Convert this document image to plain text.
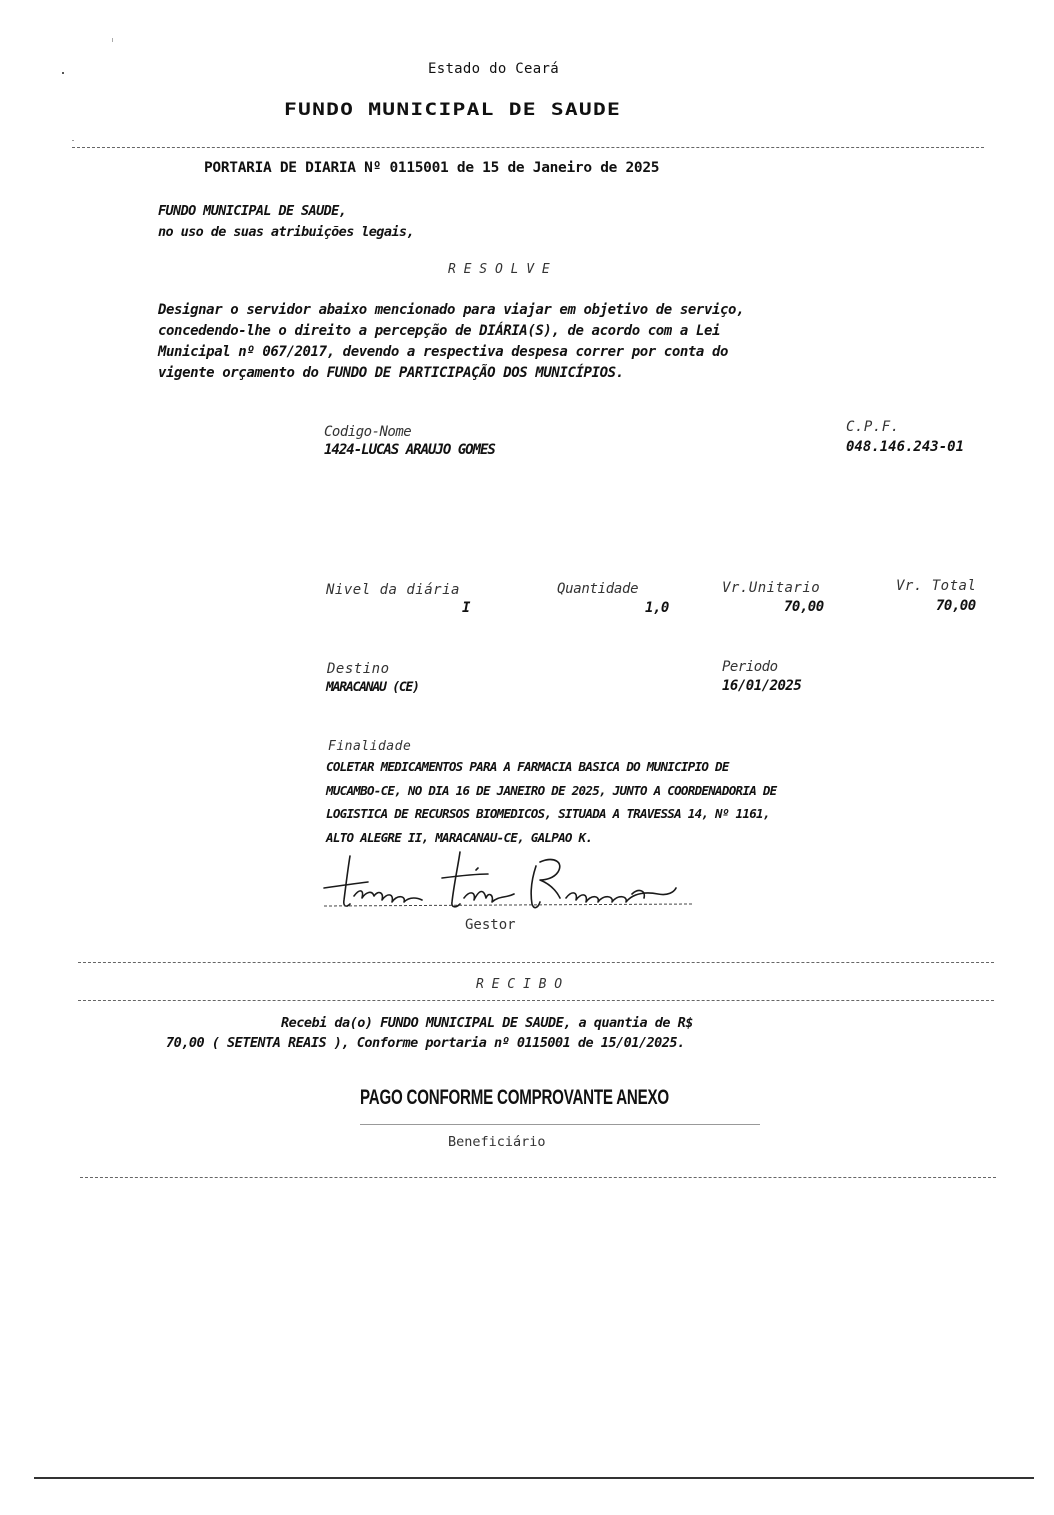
Estado do Ceará
FUNDO MUNICIPAL DE SAUDE
PORTARIA DE DIARIA Nº 0115001 de 15 de Janeiro de 2025
FUNDO MUNICIPAL DE SAUDE,
no uso de suas atribuições legais,
R E S O L V E
Designar o servidor abaixo mencionado para viajar em objetivo de serviço,
concedendo-lhe o direito a percepção de DIÁRIA(S), de acordo com a Lei
Municipal nº 067/2017, devendo a respectiva despesa correr por conta do
vigente orçamento do FUNDO DE PARTICIPAÇÃO DOS MUNICÍPIOS.
Codigo-Nome
1424-LUCAS ARAUJO GOMES
C.P.F.
048.146.243-01
Nivel da diária
I
Quantidade
1,0
Vr.Unitario
70,00
Vr. Total
70,00
Destino
MARACANAU (CE)
Periodo
16/01/2025
Finalidade
COLETAR MEDICAMENTOS PARA A FARMACIA BASICA DO MUNICIPIO DE
MUCAMBO-CE, NO DIA 16 DE JANEIRO DE 2025, JUNTO A COORDENADORIA DE
LOGISTICA DE RECURSOS BIOMEDICOS, SITUADA A TRAVESSA 14, Nº 1161,
ALTO ALEGRE II, MARACANAU-CE, GALPAO K.
Gestor
R E C I B O
Recebi da(o) FUNDO MUNICIPAL DE SAUDE, a quantia de R$
70,00 ( SETENTA REAIS ), Conforme portaria nº 0115001 de 15/01/2025.
PAGO CONFORME COMPROVANTE ANEXO
Beneficiário
